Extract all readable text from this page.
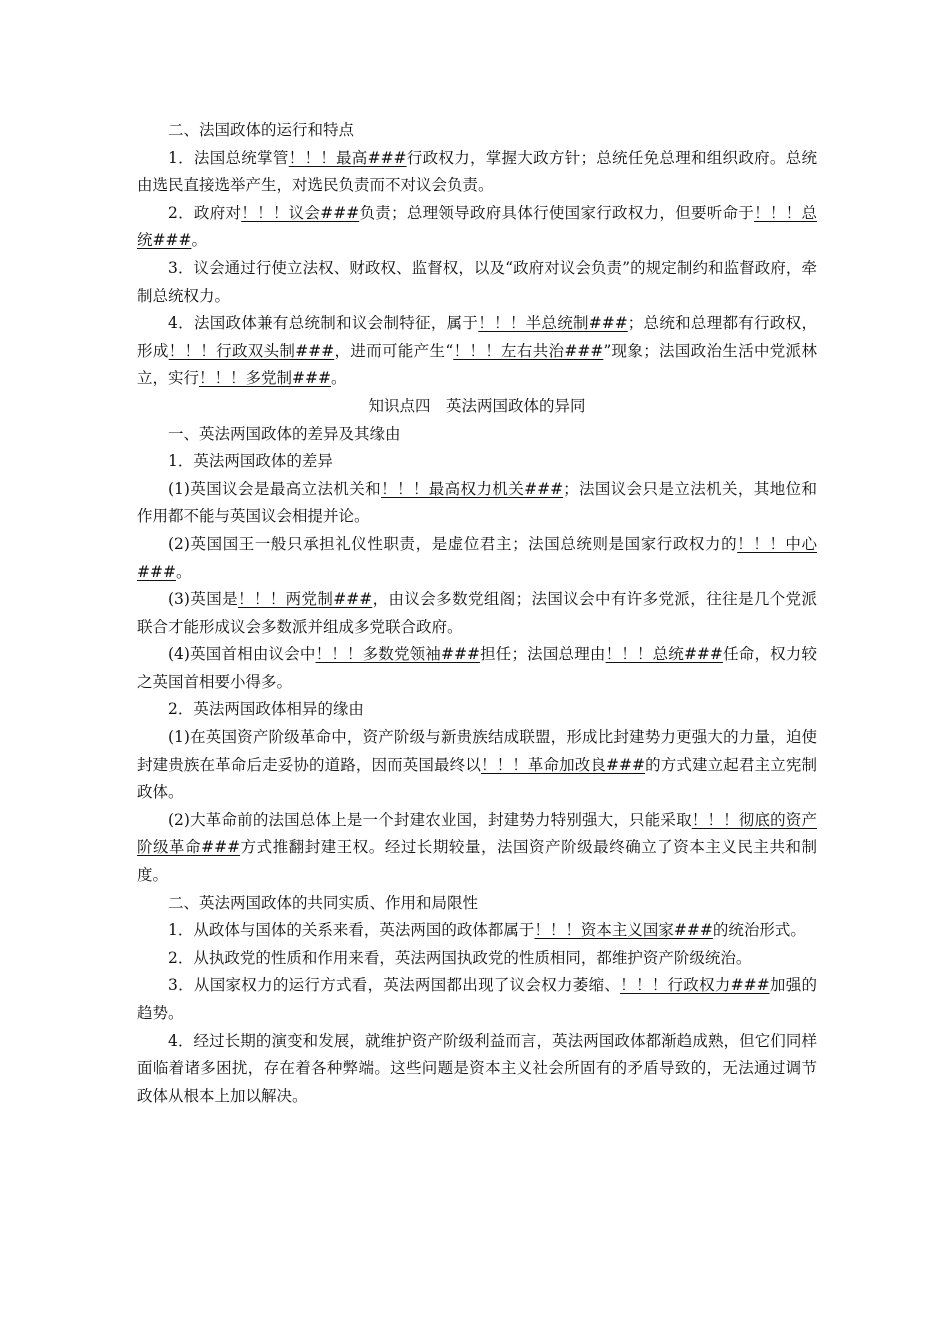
二、法国政体的运行和特点

1．法国总统掌管！！！最高###行政权力，掌握大政方针；总统任免总理和组织政府。总统由选民直接选举产生，对选民负责而不对议会负责。

2．政府对！！！议会###负责；总理领导政府具体行使国家行政权力，但要听命于！！！总统###。

3．议会通过行使立法权、财政权、监督权，以及“政府对议会负责”的规定制约和监督政府，牵制总统权力。

4．法国政体兼有总统制和议会制特征，属于！！！半总统制###；总统和总理都有行政权，形成！！！行政双头制###，进而可能产生“！！！左右共治###”现象；法国政治生活中党派林立，实行！！！多党制###。

知识点四　英法两国政体的异同

一、英法两国政体的差异及其缘由

1．英法两国政体的差异

(1)英国议会是最高立法机关和！！！最高权力机关###；法国议会只是立法机关，其地位和作用都不能与英国议会相提并论。

(2)英国国王一般只承担礼仪性职责，是虚位君主；法国总统则是国家行政权力的！！！中心###。

(3)英国是！！！两党制###，由议会多数党组阁；法国议会中有许多党派，往往是几个党派联合才能形成议会多数派并组成多党联合政府。

(4)英国首相由议会中！！！多数党领袖###担任；法国总理由！！！总统###任命，权力较之英国首相要小得多。

2．英法两国政体相异的缘由

(1)在英国资产阶级革命中，资产阶级与新贵族结成联盟，形成比封建势力更强大的力量，迫使封建贵族在革命后走妥协的道路，因而英国最终以！！！革命加改良###的方式建立起君主立宪制政体。

(2)大革命前的法国总体上是一个封建农业国，封建势力特别强大，只能采取！！！彻底的资产阶级革命###方式推翻封建王权。经过长期较量，法国资产阶级最终确立了资本主义民主共和制度。

二、英法两国政体的共同实质、作用和局限性

1．从政体与国体的关系来看，英法两国的政体都属于！！！资本主义国家###的统治形式。

2．从执政党的性质和作用来看，英法两国执政党的性质相同，都维护资产阶级统治。

3．从国家权力的运行方式看，英法两国都出现了议会权力萎缩、！！！行政权力###加强的趋势。

4．经过长期的演变和发展，就维护资产阶级利益而言，英法两国政体都渐趋成熟，但它们同样面临着诸多困扰，存在着各种弊端。这些问题是资本主义社会所固有的矛盾导致的，无法通过调节政体从根本上加以解决。
